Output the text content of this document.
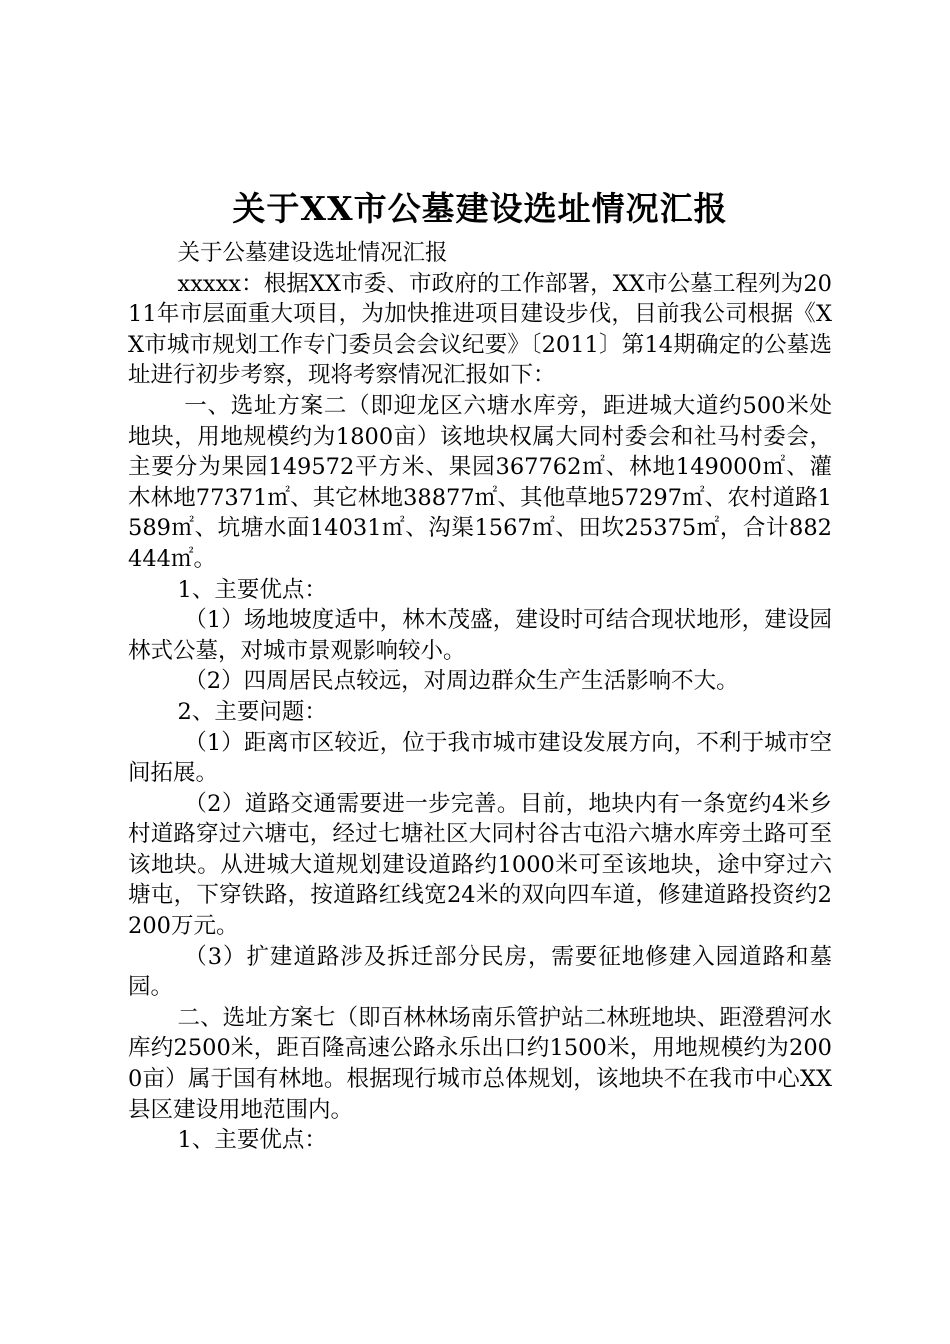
关于XX市公墓建设选址情况汇报

关于公墓建设选址情况汇报

xxxxx：根据XX市委、市政府的工作部署，XX市公墓工程列为2011年市层面重大项目，为加快推进项目建设步伐，目前我公司根据《XX市城市规划工作专门委员会会议纪要》〔2011〕第14期确定的公墓选址进行初步考察，现将考察情况汇报如下：

一、选址方案二（即迎龙区六塘水库旁，距进城大道约500米处地块，用地规模约为1800亩）该地块权属大同村委会和社马村委会，主要分为果园149572平方米、果园367762㎡、林地149000㎡、灌木林地77371㎡、其它林地38877㎡、其他草地57297㎡、农村道路1589㎡、坑塘水面14031㎡、沟渠1567㎡、田坎25375㎡，合计882444㎡。

1、主要优点：

（1）场地坡度适中，林木茂盛，建设时可结合现状地形，建设园林式公墓，对城市景观影响较小。

（2）四周居民点较远，对周边群众生产生活影响不大。

2、主要问题：

（1）距离市区较近，位于我市城市建设发展方向，不利于城市空间拓展。

（2）道路交通需要进一步完善。目前，地块内有一条宽约4米乡村道路穿过六塘屯，经过七塘社区大同村谷古屯沿六塘水库旁土路可至该地块。从进城大道规划建设道路约1000米可至该地块，途中穿过六塘屯，下穿铁路，按道路红线宽24米的双向四车道，修建道路投资约2200万元。

（3）扩建道路涉及拆迁部分民房，需要征地修建入园道路和墓园。

二、选址方案七（即百林林场南乐管护站二林班地块、距澄碧河水库约2500米，距百隆高速公路永乐出口约1500米，用地规模约为2000亩）属于国有林地。根据现行城市总体规划，该地块不在我市中心XX县区建设用地范围内。

1、主要优点：
